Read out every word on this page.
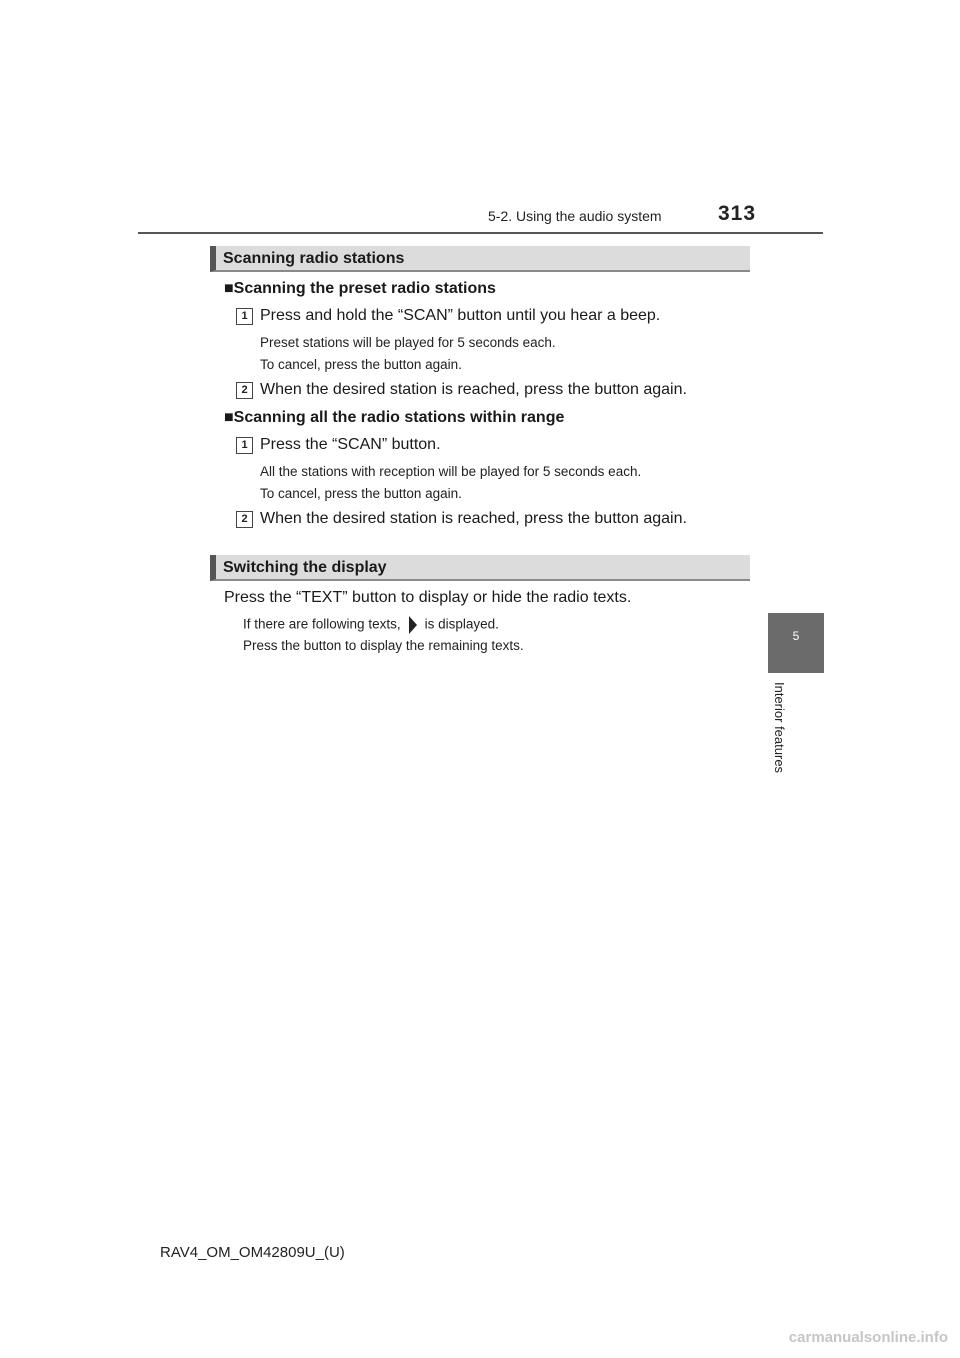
5-2. Using the audio system	313
Scanning radio stations
■Scanning the preset radio stations
1 Press and hold the “SCAN” button until you hear a beep.
Preset stations will be played for 5 seconds each.
To cancel, press the button again.
2 When the desired station is reached, press the button again.
■Scanning all the radio stations within range
1 Press the “SCAN” button.
All the stations with reception will be played for 5 seconds each.
To cancel, press the button again.
2 When the desired station is reached, press the button again.
Switching the display
Press the “TEXT” button to display or hide the radio texts.
If there are following texts, is displayed.
Press the button to display the remaining texts.
5
Interior features
RAV4_OM_OM42809U_(U)
carmanualsonline.info
